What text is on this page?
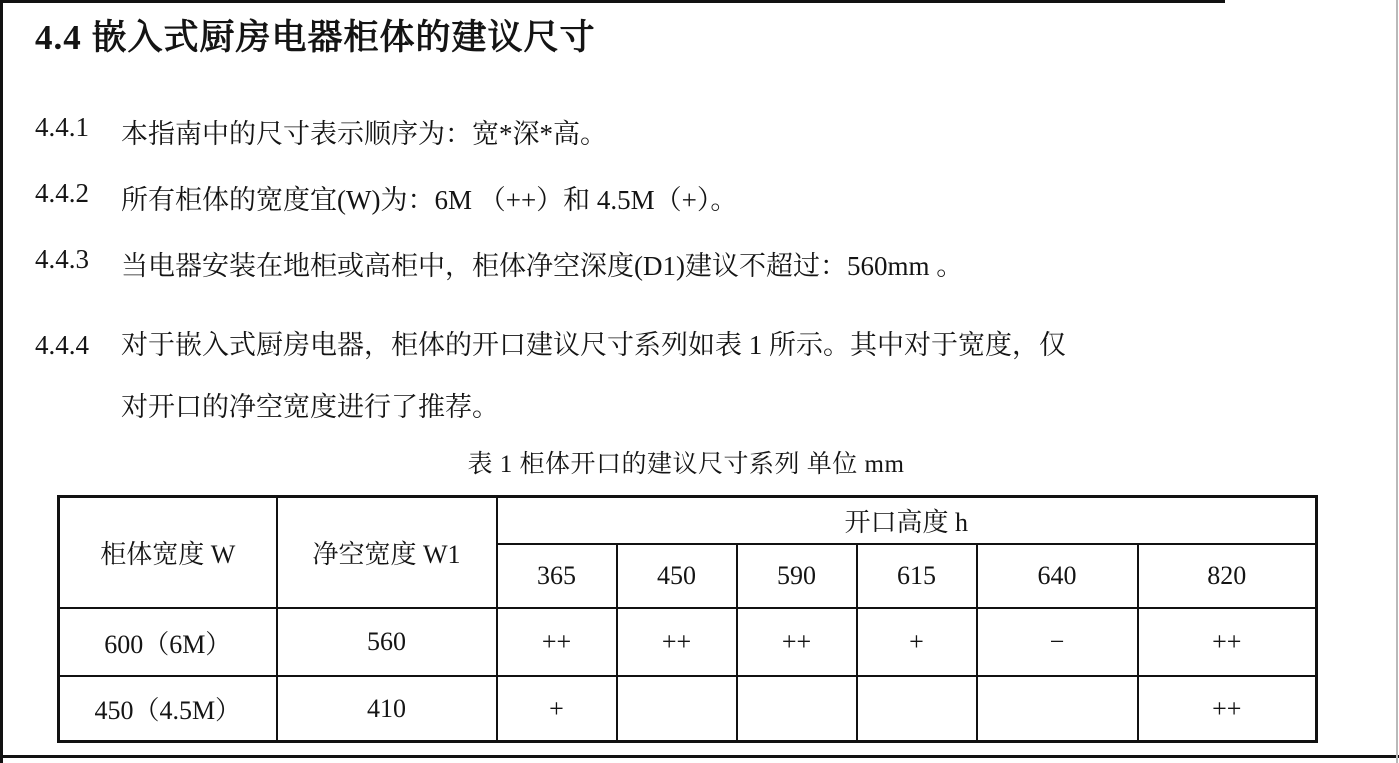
4.4 嵌入式厨房电器柜体的建议尺寸
4.4.1	本指南中的尺寸表示顺序为：宽*深*高。
4.4.2	所有柜体的宽度宜(W)为：6M （++）和 4.5M（+）。
4.4.3	当电器安装在地柜或高柜中，柜体净空深度(D1)建议不超过：560mm 。
4.4.4	对于嵌入式厨房电器，柜体的开口建议尺寸系列如表 1 所示。其中对于宽度，仅
对开口的净空宽度进行了推荐。
表 1 柜体开口的建议尺寸系列 单位 mm
柜体宽度 W	净空宽度 W1	开口高度 h					
		365	450	590	615	640	820
600（6M）	560	++	++	++	+	−	++
450（4.5M）	410	+					++
